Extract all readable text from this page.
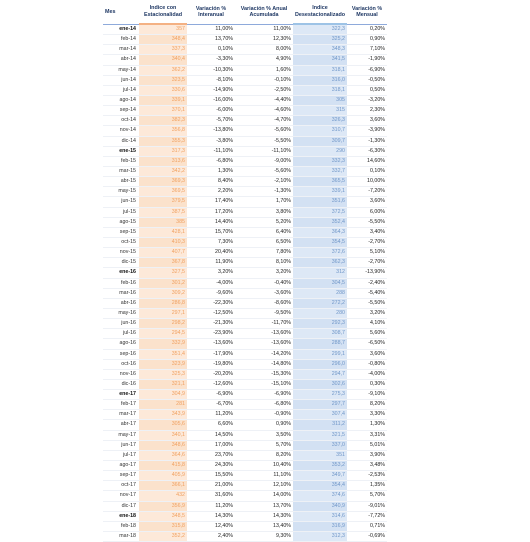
Mes	Indice con Estacionalidad	Variación % Interanual	Variación % Anual Acumulada	Indice Desestacionalizado	Variación % Mensual
ene-14	357	11,00%	11,00%	322,3	0,20%
feb-14	348,4	13,70%	12,30%	325,2	0,90%
mar-14	337,3	0,10%	8,00%	348,3	7,10%
abr-14	340,4	-3,30%	4,90%	341,5	-1,90%
may-14	362,2	-10,30%	1,60%	318,1	-6,90%
jun-14	323,5	-8,10%	-0,10%	316,0	-0,50%
jul-14	330,6	-14,90%	-2,50%	318,1	0,50%
ago-14	339,1	-16,00%	-4,40%	305	-3,20%
sep-14	370,1	-6,00%	-4,60%	315	2,30%
oct-14	382,3	-5,70%	-4,70%	326,3	3,60%
nov-14	356,8	-13,80%	-5,60%	310,7	-3,90%
dic-14	355,3	-3,80%	-5,50%	309,7	-1,30%
ene-15	317,3	-11,10%	-11,10%	290	-6,30%
feb-15	313,6	-6,80%	-9,00%	332,3	14,60%
mar-15	342,2	1,30%	-5,60%	332,7	0,10%
abr-15	369,3	8,40%	-2,10%	365,5	10,00%
may-15	369,5	2,20%	-1,30%	339,1	-7,20%
jun-15	379,5	17,40%	1,70%	351,6	3,60%
jul-15	387,5	17,20%	3,80%	372,5	6,00%
ago-15	385	14,40%	5,20%	352,4	-5,50%
sep-15	428,1	15,70%	6,40%	364,3	3,40%
oct-15	410,3	7,30%	6,50%	354,5	-2,70%
nov-15	407,7	20,40%	7,80%	372,6	5,10%
dic-15	367,8	11,90%	8,10%	362,3	-2,70%
ene-16	327,5	3,20%	3,20%	312	-13,90%
feb-16	301,2	-4,00%	-0,40%	304,5	-2,40%
mar-16	309,2	-9,60%	-3,60%	288	-5,40%
abr-16	286,8	-22,30%	-8,60%	272,2	-5,50%
may-16	297,1	-12,50%	-9,50%	280	3,20%
jun-16	298,2	-21,30%	-11,70%	292,3	4,10%
jul-16	294,5	-23,90%	-13,60%	308,7	5,60%
ago-16	332,9	-13,60%	-13,60%	288,7	-6,50%
sep-16	351,4	-17,90%	-14,20%	299,1	3,60%
oct-16	323,9	-19,80%	-14,80%	296,0	-0,80%
nov-16	325,3	-20,20%	-15,30%	294,7	-4,00%
dic-16	321,1	-12,60%	-15,10%	302,6	0,30%
ene-17	304,9	-6,90%	-6,90%	275,3	-9,10%
feb-17	281	-6,70%	-6,80%	297,7	8,20%
mar-17	343,9	11,20%	-0,90%	307,4	3,30%
abr-17	305,6	6,60%	0,90%	311,2	1,30%
may-17	340,1	14,50%	3,50%	321,5	3,31%
jun-17	348,6	17,00%	5,70%	337,0	5,01%
jul-17	364,6	23,70%	8,20%	351	3,90%
ago-17	415,8	24,30%	10,40%	353,2	3,48%
sep-17	405,9	15,50%	11,10%	349,7	-2,53%
oct-17	366,1	21,00%	12,10%	354,4	1,35%
nov-17	432	31,60%	14,00%	374,6	5,70%
dic-17	356,9	11,20%	13,70%	340,9	-9,01%
ene-18	348,5	14,30%	14,30%	314,6	-7,72%
feb-18	315,8	12,40%	13,40%	316,9	0,71%
mar-18	352,2	2,40%	9,30%	312,3	-0,69%
